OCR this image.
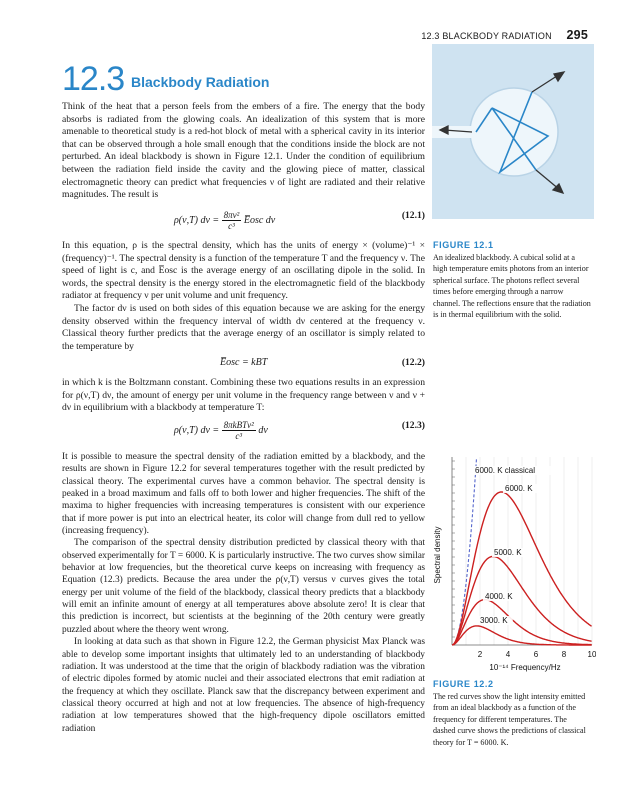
12.3 BLACKBODY RADIATION 295
12.3 Blackbody Radiation

Think of the heat that a person feels from the embers of a fire. The energy that the body absorbs is radiated from the glowing coals. An idealization of this system that is more amenable to theoretical study is a red-hot block of metal with a spherical cavity in its interior that can be observed through a hole small enough that the conditions inside the block are not perturbed. An ideal blackbody is shown in Figure 12.1. Under the condition of equilibrium between the radiation field inside the cavity and the glowing piece of matter, classical electromagnetic theory can predict what frequencies ν of light are radiated and their relative magnitudes. The result is

ρ(ν,T) $d\nu = \frac{\text{8πν²}}{\text{c³}}$ E̅osc dν	(12.1)

In this equation, ρ is the spectral density, which has the units of energy × (volume)⁻¹ × (frequency)⁻¹. The spectral density is a function of the temperature T and the frequency ν. The speed of light is c, and E̅osc is the average energy of an oscillating dipole in the solid. In words, the spectral density is the energy stored in the electromagnetic field of the blackbody radiator at frequency ν per unit volume and unit frequency.

The factor dν is used on both sides of this equation because we are asking for the energy density observed within the frequency interval of width dν centered at the frequency ν. Classical theory further predicts that the average energy of an oscillator is simply related to the temperature by

E̅osc = kBT	(12.2)

in which k is the Boltzmann constant. Combining these two equations results in an expression for ρ(ν,T) dν, the amount of energy per unit volume in the frequency range between ν and ν + dν in equilibrium with a blackbody at temperature T:

ρ(ν,T) $d\nu = \frac{\text{8πkBTν²}}{\text{c³}}$ dν	(12.3)

It is possible to measure the spectral density of the radiation emitted by a blackbody, and the results are shown in Figure 12.2 for several temperatures together with the result predicted by classical theory. The experimental curves have a common behavior. The spectral density is peaked in a broad maximum and falls off to both lower and higher frequencies. The shift of the maxima to higher frequencies with increasing temperatures is consistent with our experience that if more power is put into an electrical heater, its color will change from dull red to yellow (increasing frequency).

The comparison of the spectral density distribution predicted by classical theory with that observed experimentally for T = 6000. K is particularly instructive. The two curves show similar behavior at low frequencies, but the theoretical curve keeps on increasing with frequency as Equation (12.3) predicts. Because the area under the ρ(ν,T) versus ν curves gives the total energy per unit volume of the field of the blackbody, classical theory predicts that a blackbody will emit an infinite amount of energy at all temperatures above absolute zero! It is clear that this prediction is incorrect, but scientists at the beginning of the 20th century were greatly puzzled about where the theory went wrong.

In looking at data such as that shown in Figure 12.2, the German physicist Max Planck was able to develop some important insights that ultimately led to an understanding of blackbody radiation. It was understood at the time that the origin of blackbody radiation was the vibration of electric dipoles formed by atomic nuclei and their associated electrons that emit radiation at the frequency at which they oscillate. Planck saw that the discrepancy between experiment and classical theory occurred at high and not at low frequencies. The absence of high-frequency radiation at low temperatures showed that the high-frequency dipole oscillators emitted radiation

FIGURE 12.1
An idealized blackbody. A cubical solid at a high temperature emits photons from an interior spherical surface. The photons reflect several times before emerging through a narrow channel. The reflections ensure that the radiation is in thermal equilibrium with the solid.
2	4	6	8	10
6000. K classical
6000. K
5000. K
4000. K
3000. K
Spectral density
10⁻¹⁴ Frequency/Hz
FIGURE 12.2
The red curves show the light intensity emitted from an ideal blackbody as a function of the frequency for different temperatures. The dashed curve shows the predictions of classical theory for T = 6000. K.
